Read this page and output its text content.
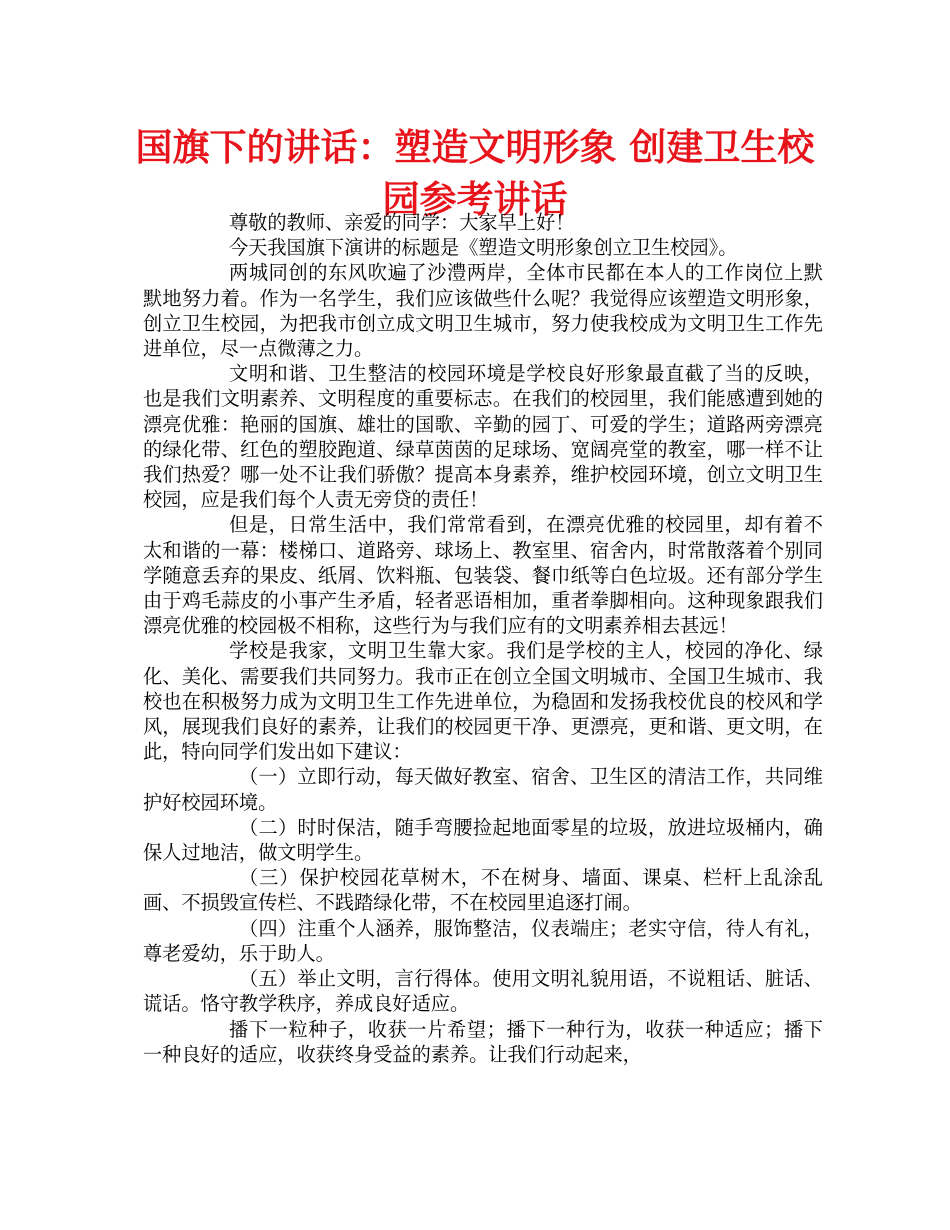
国旗下的讲话：塑造文明形象 创建卫生校园参考讲话

尊敬的教师、亲爱的同学：大家早上好！

今天我国旗下演讲的标题是《塑造文明形象创立卫生校园》。

两城同创的东风吹遍了沙澧两岸，全体市民都在本人的工作岗位上默默地努力着。作为一名学生，我们应该做些什么呢？我觉得应该塑造文明形象，创立卫生校园，为把我市创立成文明卫生城市，努力使我校成为文明卫生工作先进单位，尽一点微薄之力。

文明和谐、卫生整洁的校园环境是学校良好形象最直截了当的反映，也是我们文明素养、文明程度的重要标志。在我们的校园里，我们能感遭到她的漂亮优雅：艳丽的国旗、雄壮的国歌、辛勤的园丁、可爱的学生；道路两旁漂亮的绿化带、红色的塑胶跑道、绿草茵茵的足球场、宽阔亮堂的教室，哪一样不让我们热爱？哪一处不让我们骄傲？提高本身素养，维护校园环境，创立文明卫生校园，应是我们每个人责无旁贷的责任！

但是，日常生活中，我们常常看到，在漂亮优雅的校园里，却有着不太和谐的一幕：楼梯口、道路旁、球场上、教室里、宿舍内，时常散落着个别同学随意丢弃的果皮、纸屑、饮料瓶、包装袋、餐巾纸等白色垃圾。还有部分学生由于鸡毛蒜皮的小事产生矛盾，轻者恶语相加，重者拳脚相向。这种现象跟我们漂亮优雅的校园极不相称，这些行为与我们应有的文明素养相去甚远！

学校是我家，文明卫生靠大家。我们是学校的主人，校园的净化、绿化、美化、需要我们共同努力。我市正在创立全国文明城市、全国卫生城市、我校也在积极努力成为文明卫生工作先进单位，为稳固和发扬我校优良的校风和学风，展现我们良好的素养，让我们的校园更干净、更漂亮，更和谐、更文明，在此，特向同学们发出如下建议：

（一）立即行动，每天做好教室、宿舍、卫生区的清洁工作，共同维护好校园环境。

（二）时时保洁，随手弯腰捡起地面零星的垃圾，放进垃圾桶内，确保人过地洁，做文明学生。

（三）保护校园花草树木，不在树身、墙面、课桌、栏杆上乱涂乱画、不损毁宣传栏、不践踏绿化带，不在校园里追逐打闹。

（四）注重个人涵养，服饰整洁，仪表端庄；老实守信，待人有礼，尊老爱幼，乐于助人。

（五）举止文明，言行得体。使用文明礼貌用语，不说粗话、脏话、谎话。恪守教学秩序，养成良好适应。

播下一粒种子，收获一片希望；播下一种行为，收获一种适应；播下一种良好的适应，收获终身受益的素养。让我们行动起来，
